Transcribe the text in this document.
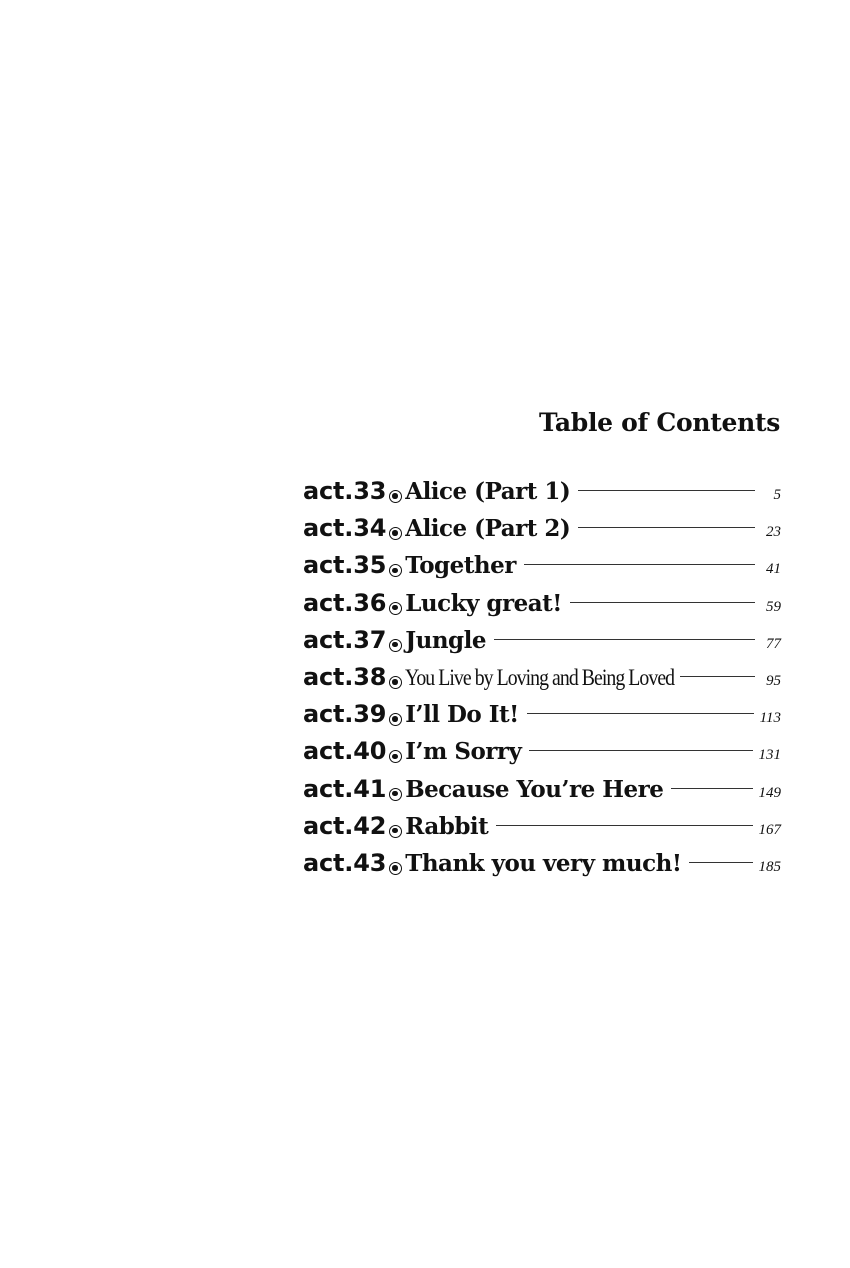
Table of Contents
act.33 Alice (Part 1)	5
act.34 Alice (Part 2)	23
act.35 Together	41
act.36 Lucky great!	59
act.37 Jungle	77
act.38 You Live by Loving and Being Loved	95
act.39 I’ll Do It!	113
act.40 I’m Sorry	131
act.41 Because You’re Here	149
act.42 Rabbit	167
act.43 Thank you very much!	185
